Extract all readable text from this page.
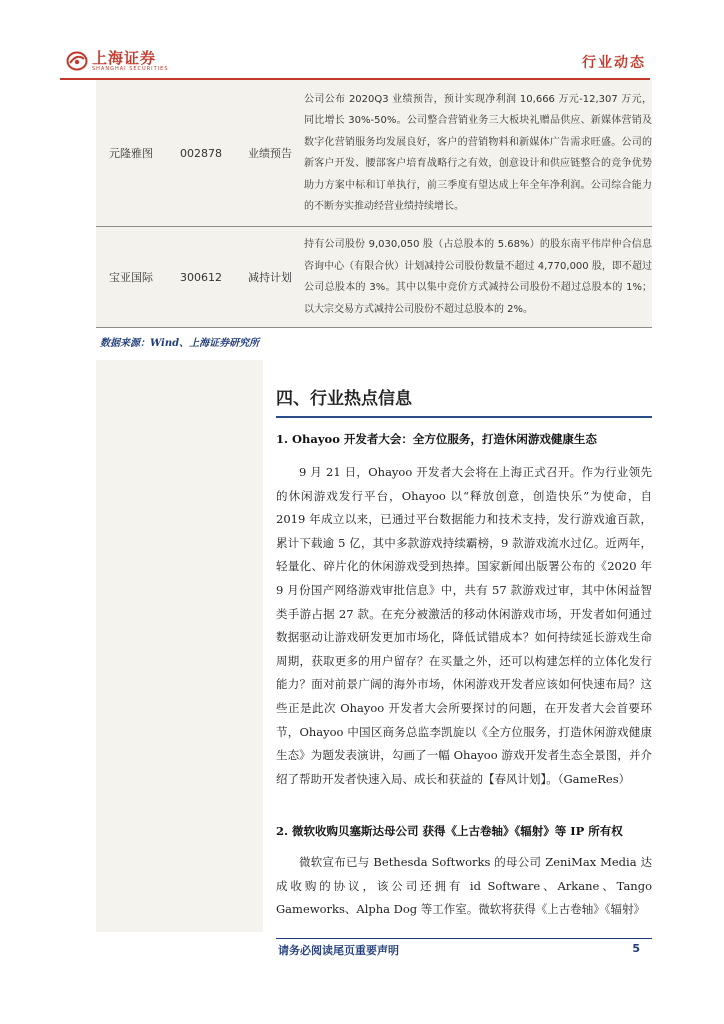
上海证券
SHANGHAI SECURITIES	行业动态
元隆雅图	002878	业绩预告	公司公布 2020Q3 业绩预告，预计实现净利润 10,666 万元-12,307 万元，同比增长 30%-50%。公司整合营销业务三大板块礼赠品供应、新媒体营销及数字化营销服务均发展良好，客户的营销物料和新媒体广告需求旺盛。公司的新客户开发、腰部客户培育战略行之有效，创意设计和供应链整合的竞争优势助力方案中标和订单执行，前三季度有望达成上年全年净利润。公司综合能力的不断夯实推动经营业绩持续增长。
宝亚国际	300612	减持计划	持有公司股份 9,030,050 股（占总股本的 5.68%）的股东南平伟岸仲合信息咨询中心（有限合伙）计划减持公司股份数量不超过 4,770,000 股，即不超过公司总股本的 3%。其中以集中竞价方式减持公司股份不超过总股本的 1%；以大宗交易方式减持公司股份不超过总股本的 2%。
数据来源：Wind、上海证券研究所
四、行业热点信息
1. Ohayoo 开发者大会：全方位服务，打造休闲游戏健康生态

9 月 21 日，Ohayoo 开发者大会将在上海正式召开。作为行业领先的休闲游戏发行平台，Ohayoo 以“释放创意，创造快乐”为使命，自 2019 年成立以来，已通过平台数据能力和技术支持，发行游戏逾百款，累计下载逾 5 亿，其中多款游戏持续霸榜，9 款游戏流水过亿。近两年，轻量化、碎片化的休闲游戏受到热捧。国家新闻出版署公布的《2020 年 9 月份国产网络游戏审批信息》中，共有 57 款游戏过审，其中休闲益智类手游占据 27 款。在充分被激活的移动休闲游戏市场，开发者如何通过数据驱动让游戏研发更加市场化，降低试错成本？如何持续延长游戏生命周期，获取更多的用户留存？在买量之外，还可以构建怎样的立体化发行能力？面对前景广阔的海外市场，休闲游戏开发者应该如何快速布局？这些正是此次 Ohayoo 开发者大会所要探讨的问题，在开发者大会首要环节，Ohayoo 中国区商务总监李凯旋以《全方位服务，打造休闲游戏健康生态》为题发表演讲，勾画了一幅 Ohayoo 游戏开发者生态全景图，并介绍了帮助开发者快速入局、成长和获益的【春风计划】。（GameRes）

2. 微软收购贝塞斯达母公司 获得《上古卷轴》《辐射》等 IP 所有权

微软宣布已与 Bethesda Softworks 的母公司 ZeniMax Media 达成收购的协议，该公司还拥有 id Software、Arkane、Tango Gameworks、Alpha Dog 等工作室。微软将获得《上古卷轴》《辐射》

请务必阅读尾页重要声明	5
